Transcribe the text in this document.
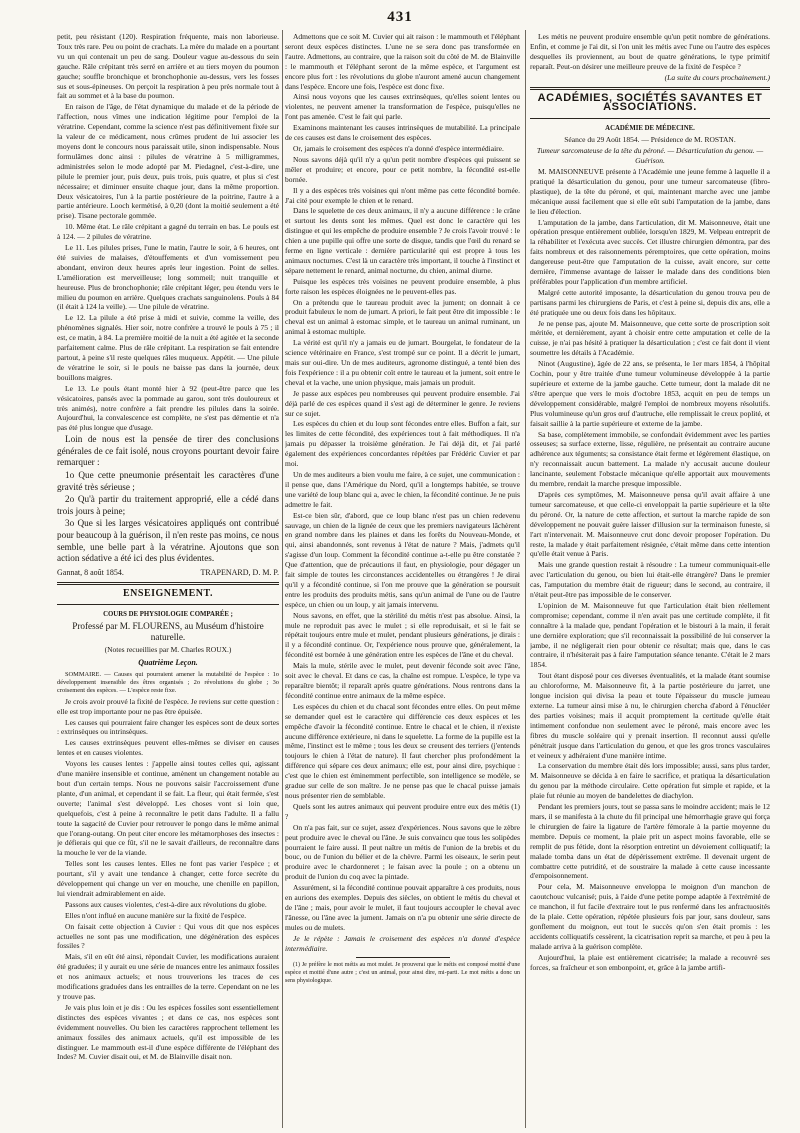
431

petit, peu résistant (120). Respiration fréquente, mais non laborieuse. Toux très rare. Peu ou point de crachats. La mère du malade en a pourtant vu un qui contenait un peu de sang. Douleur vague au-dessous du sein gauche. Râle crépitant très serré en arrière et au tiers moyen du poumon gauche; souffle bronchique et bronchophonie au-dessus, vers les fosses sus et sous-épineuses. On perçoit la respiration à peu près normale tout à fait au sommet et à la base du poumon.

En raison de l'âge, de l'état dynamique du malade et de la période de l'affection, nous vîmes une indication légitime pour l'emploi de la vératrine. Cependant, comme la science n'est pas définitivement fixée sur la valeur de ce médicament, nous crûmes prudent de lui associer les moyens dont le concours nous paraissait utile, sinon indispensable. Nous formulâmes donc ainsi : pilules de vératrine à 5 milligrammes, administrées selon le mode adopté par M. Piedagnel, c'est-à-dire, une pilule le premier jour, puis deux, puis trois, puis quatre, et plus si c'est nécessaire; et diminuer ensuite chaque jour, dans la même proportion. Deux vésicatoires, l'un à la partie postérieure de la poitrine, l'autre à a partie antérieure. Looch kermétisé, à 0,20 (dont la moitié seulement a été prise). Tisane pectorale gommée.

10. Même état. Le râle crépitant a gagné du terrain en bas. Le pouls est à 124. — 2 pilules de vératrine.

Le 11. Les pilules prises, l'une le matin, l'autre le soir, à 6 heures, ont été suivies de malaises, d'étouffements et d'un vomissement peu abondant, environ deux heures après leur ingestion. Point de selles. L'amélioration est merveilleuse; long sommeil; nuit tranquille et heureuse. Plus de bronchophonie; râle crépitant léger, peu étendu vers le milieu du poumon en arrière. Quelques crachats sanguinolens. Pouls à 84 (il était à 124 la veille). — Une pilule de vératrine.

Le 12. La pilule a été prise à midi et suivie, comme la veille, des phénomènes signalés. Hier soir, notre confrère a trouvé le pouls à 75 ; il est, ce matin, à 84. La première moitié de la nuit a été agitée et la seconde parfaitement calme. Plus de râle crépitant. La respiration se fait entendre partout, à peine s'il reste quelques râles muqueux. Appétit. — Une pilule de vératrine le soir, si le pouls ne baisse pas dans la journée, deux bouillons maigres.

Le 13. Le pouls étant monté hier à 92 (peut-être parce que les vésicatoires, pansés avec la pommade au garou, sont très douloureux et très animés), notre confrère a fait prendre les pilules dans la soirée. Aujourd'hui, la convalescence est complète, ne s'est pas démentie et n'a pas été plus longue que d'usage.

Loin de nous est la pensée de tirer des conclusions générales de ce fait isolé, nous croyons pourtant devoir faire remarquer :

1o Que cette pneumonie présentait les caractères d'une gravité très sérieuse ;

2o Qu'à partir du traitement approprié, elle a cédé dans trois jours à peine;

3o Que si les larges vésicatoires appliqués ont contribué pour beaucoup à la guérison, il n'en reste pas moins, ce nous semble, une belle part à la vératrine. Ajoutons que son action sédative a été ici des plus évidentes.

Gannat, 8 août 1854.	TRAPENARD, D. M. P.
ENSEIGNEMENT.

COURS DE PHYSIOLOGIE COMPARÉE ;

Professé par M. FLOURENS, au Muséum d'histoire naturelle.

(Notes recueillies par M. Charles ROUX.)

Quatrième Leçon.

SOMMAIRE. — Causes qui pourraient amener la mutabilité de l'espèce : 1o développement insensible des êtres organisés ; 2o révolutions du globe ; 3o croisement des espèces. — L'espèce reste fixe.

Je crois avoir prouvé la fixité de l'espèce. Je reviens sur cette question : elle est trop importante pour ne pas être épuisée.

Les causes qui pourraient faire changer les espèces sont de deux sortes : extrinsèques ou intrinsèques.

Les causes extrinsèques peuvent elles-mêmes se diviser en causes lentes et en causes violentes.

Voyons les causes lentes : j'appelle ainsi toutes celles qui, agissant d'une manière insensible et continue, amènent un changement notable au bout d'un certain temps. Nous ne pouvons saisir l'accroissement d'une plante, d'un animal, et cependant il se fait. La fleur, qui était fermée, s'est ouverte; l'animal s'est développé. Les choses vont si loin que, quelquefois, c'est à peine à reconnaître le petit dans l'adulte. Il a fallu toute la sagacité de Cuvier pour retrouver le pongo dans le même animal que l'orang-outang. On peut citer encore les métamorphoses des insectes : je défierais qui que ce fût, s'il ne le savait d'ailleurs, de reconnaître dans la mouche le ver de la viande.

Telles sont les causes lentes. Elles ne font pas varier l'espèce ; et pourtant, s'il y avait une tendance à changer, cette force secrète du développement qui change un ver en mouche, une chenille en papillon, lui viendrait admirablement en aide.

Passons aux causes violentes, c'est-à-dire aux révolutions du globe.

Elles n'ont influé en aucune manière sur la fixité de l'espèce.

On faisait cette objection à Cuvier : Qui vous dit que nos espèces actuelles ne sont pas une modification, une dégénération des espèces fossiles ?

Mais, s'il en eût été ainsi, répondait Cuvier, les modifications auraient été graduées; il y aurait eu une série de nuances entre les animaux fossiles et nos animaux actuels; et nous trouverions les traces de ces modifications graduées dans les entrailles de la terre. Cependant on ne les y trouve pas.

Je vais plus loin et je dis : Ou les espèces fossiles sont essentiellement distinctes des espèces vivantes ; et dans ce cas, nos espèces sont évidemment nouvelles. Ou bien les caractères rapprochent tellement les animaux fossiles des animaux actuels, qu'il est impossible de les distinguer. Le mammouth est-il d'une espèce différente de l'éléphant des Indes? M. Cuvier disait oui, et M. de Blainville disait non.

Admettons que ce soit M. Cuvier qui ait raison : le mammouth et l'éléphant seront deux espèces distinctes. L'une ne se sera donc pas transformée en l'autre. Admettons, au contraire, que la raison soit du côté de M. de Blainville : le mammouth et l'éléphant seront de la même espèce, et l'argument est encore plus fort : les révolutions du globe n'auront amené aucun changement dans l'espèce. Encore une fois, l'espèce est donc fixe.

Ainsi nous voyons que les causes extrinsèques, qu'elles soient lentes ou violentes, ne peuvent amener la transformation de l'espèce, puisqu'elles ne l'ont pas amenée. C'est le fait qui parle.

Examinons maintenant les causes intrinsèques de mutabilité. La principale de ces causes est dans le croisement des espèces.

Or, jamais le croisement des espèces n'a donné d'espèce intermédiaire.

Nous savons déjà qu'il n'y a qu'un petit nombre d'espèces qui puissent se mêler et produire; et encore, pour ce petit nombre, la fécondité est-elle bornée.

Il y a des espèces très voisines qui n'ont même pas cette fécondité bornée. J'ai cité pour exemple le chien et le renard.

Dans le squelette de ces deux animaux, il n'y a aucune différence : le crâne et surtout les dents sont les mêmes. Quel est donc le caractère qui les distingue et qui les empêche de produire ensemble ? Je crois l'avoir trouvé : le chien a une pupille qui offre une sorte de disque, tandis que l'œil du renard se ferme en ligne verticale : dernière particularité qui est propre à tous les animaux nocturnes. C'est là un caractère très important, il touche à l'instinct et sépare nettement le renard, animal nocturne, du chien, animal diurne.

Puisque les espèces très voisines ne peuvent produire ensemble, à plus forte raison les espèces éloignées ne le peuvent-elles pas.

On a prétendu que le taureau produit avec la jument; on donnait à ce produit fabuleux le nom de jumart. A priori, le fait peut être dit impossible : le cheval est un animal à estomac simple, et le taureau un animal ruminant, un animal à estomac multiple.

La vérité est qu'il n'y a jamais eu de jumart. Bourgelat, le fondateur de la science vétérinaire en France, s'est trompé sur ce point. Il a décrit le jumart, mais sur oui-dire. Un de mes auditeurs, agronome distingué, a tenté bien des fois l'expérience : il a pu obtenir coït entre le taureau et la jument, soit entre le cheval et la vache, une union physique, mais jamais un produit.

Je passe aux espèces peu nombreuses qui peuvent produire ensemble. J'ai déjà parlé de ces espèces quand il s'est agi de déterminer le genre. Je reviens sur ce sujet.

Les espèces du chien et du loup sont fécondes entre elles. Buffon a fait, sur les limites de cette fécondité, des expériences tout à fait méthodiques. Il n'a jamais pu dépasser la troisième génération. Je l'ai déjà dit, et j'ai parlé également des expériences concordantes répétées par Frédéric Cuvier et par moi.

Un de mes auditeurs a bien voulu me faire, à ce sujet, une communication : il pense que, dans l'Amérique du Nord, qu'il a longtemps habitée, se trouve une variété de loup blanc qui a, avec le chien, la fécondité continue. Je ne puis admettre le fait.

Est-ce bien sûr, d'abord, que ce loup blanc n'est pas un chien redevenu sauvage, un chien de la lignée de ceux que les premiers navigateurs lâchèrent en grand nombre dans les plaines et dans les forêts du Nouveau-Monde, et qui, ainsi abandonnés, sont revenus à l'état de nature ? Mais, j'admets qu'il s'agisse d'un loup. Comment la fécondité continue a-t-elle pu être constatée ? Que d'attention, que de précautions il faut, en physiologie, pour dégager un fait simple de toutes les circonstances accidentelles ou étrangères ! Je dirai qu'il y a fécondité continue, si l'on me prouve que la génération se poursuit entre les produits des produits métis, sans qu'un animal de l'une ou de l'autre espèce, un chien ou un loup, y ait jamais intervenu.

Nous savons, en effet, que la stérilité du métis n'est pas absolue. Ainsi, la mule ne reproduit pas avec le mulet ; si elle reproduisait, et si le fait se répétait toujours entre mule et mulet, pendant plusieurs générations, je dirais : il y a fécondité continue. Or, l'expérience nous prouve que, généralement, la fécondité est bornée à une génération entre les espèces de l'âne et du cheval.

Mais la mule, stérile avec le mulet, peut devenir féconde soit avec l'âne, soit avec le cheval. Et dans ce cas, la chaîne est rompue. L'espèce, le type va reparaître bientôt; il reparaît après quatre générations. Nous rentrons dans la fécondité continue entre animaux de la même espèce.

Les espèces du chien et du chacal sont fécondes entre elles. On peut même se demander quel est le caractère qui différencie ces deux espèces et les empêche d'avoir la fécondité continue. Entre le chacal et le chien, il n'existe aucune différence extérieure, ni dans le squelette. La forme de la pupille est la même, l'instinct est le même ; tous les deux se creusent des terriers (j'entends toujours le chien à l'état de nature). Il faut chercher plus profondément la différence qui sépare ces deux animaux; elle est, pour ainsi dire, psychique : c'est que le chien est éminemment perfectible, son intelligence se modèle, se gradue sur celle de son maître. Je ne pense pas que le chacal puisse jamais nous présenter rien de semblable.

Quels sont les autres animaux qui peuvent produire entre eux des métis (1) ?

On n'a pas fait, sur ce sujet, assez d'expériences. Nous savons que le zèbre peut produire avec le cheval ou l'âne. Je suis convaincu que tous les solipèdes pourraient le faire aussi. Il peut naître un métis de l'union de la brebis et du bouc, ou de l'union du bélier et de la chèvre. Parmi les oiseaux, le serin peut produire avec le chardonneret ; le faisan avec la poule ; on a obtenu un produit de l'union du coq avec la pintade.

Assurément, si la fécondité continue pouvait apparaître à ces produits, nous en aurions des exemples. Depuis des siècles, on obtient le métis du cheval et de l'âne ; mais, pour avoir le mulet, il faut toujours accoupler le cheval avec l'ânesse, ou l'âne avec la jument. Jamais on n'a pu obtenir une série directe de mules ou de mulets.

Je le répète : Jamais le croisement des espèces n'a donné d'espèce intermédiaire.

(1) Je préfère le mot métis au mot mulet. Je prouverai que le métis est composé moitié d'une espèce et moitié d'une autre ; c'est un animal, pour ainsi dire, mi-parti. Le mot métis a donc un sens physiologique.

Les métis ne peuvent produire ensemble qu'un petit nombre de générations. Enfin, et comme je l'ai dit, si l'on unit les métis avec l'une ou l'autre des espèces desquelles ils proviennent, au bout de quatre générations, le type primitif reparaît. Peut-on désirer une meilleure preuve de la fixité de l'espèce ?

(La suite du cours prochainement.)

ACADÉMIES, SOCIÉTÉS SAVANTES ET ASSOCIATIONS.

ACADÉMIE DE MÉDECINE.

Séance du 29 Août 1854. — Présidence de M. ROSTAN.

Tumeur sarcomateuse de la tête du péroné. — Désarticulation du genou. — Guérison.

M. MAISONNEUVE présente à l'Académie une jeune femme à laquelle il a pratiqué la désarticulation du genou, pour une tumeur sarcomateuse (fibro-plastique), de la tête du péroné, et qui, maintenant marche avec une jambe mécanique aussi facilement que si elle eût subi l'amputation de la jambe, dans le lieu d'élection.

L'amputation de la jambe, dans l'articulation, dit M. Maisonneuve, était une opération presque entièrement oubliée, lorsqu'en 1829, M. Velpeau entreprit de la réhabiliter et l'exécuta avec succès. Cet illustre chirurgien démontra, par des faits nombreux et des raisonnements péremptoires, que cette opération, moins dangereuse peut-être que l'amputation de la cuisse, avait encore, sur cette dernière, l'immense avantage de laisser le malade dans des conditions bien préférables pour l'application d'un membre artificiel.

Malgré cette autorité imposante, la désarticulation du genou trouva peu de partisans parmi les chirurgiens de Paris, et c'est à peine si, depuis dix ans, elle a été pratiquée une ou deux fois dans les hôpitaux.

Je ne pense pas, ajoute M. Maisonneuve, que cette sorte de proscription soit méritée, et dernièrement, ayant à choisir entre cette amputation et celle de la cuisse, je n'ai pas hésité à pratiquer la désarticulation ; c'est ce fait dont il vient soumettre les détails à l'Académie.

Ninot (Augustine), âgée de 22 ans, se présenta, le 1er mars 1854, à l'hôpital Cochin, pour y être traitée d'une tumeur volumineuse développée à la partie supérieure et externe de la jambe gauche. Cette tumeur, dont la malade dit ne s'être aperçue que vers le mois d'octobre 1853, acquit en peu de temps un développement considérable, malgré l'emploi de nombreux moyens résolutifs. Plus volumineuse qu'un gros œuf d'autruche, elle remplissait le creux poplité, et faisait saillie à la partie supérieure et externe de la jambe.

Sa base, complètement immobile, se confondait évidemment avec les parties osseuses; sa surface externe, lisse, régulière, ne présentait au contraire aucune adhérence aux téguments; sa consistance était ferme et légèrement élastique, on n'y reconnaissait aucun battement. La malade n'y accusait aucune douleur lancinante, seulement l'obstacle mécanique qu'elle apportait aux mouvements du membre, rendait la marche presque impossible.

D'après ces symptômes, M. Maisonneuve pensa qu'il avait affaire à une tumeur sarcomateuse, et que celle-ci enveloppait la partie supérieure et la tête du péroné. Or, la nature de cette affection, et surtout la marche rapide de son développement ne pouvait guère laisser d'illusion sur la terminaison funeste, si l'art n'intervenait. M. Maisonneuve crut donc devoir proposer l'opération. Du reste, la malade y était parfaitement résignée, c'était même dans cette intention qu'elle était venue à Paris.

Mais une grande question restait à résoudre : La tumeur communiquait-elle avec l'articulation du genou, ou bien lui était-elle étrangère? Dans le premier cas, l'amputation du membre était de rigueur; dans le second, au contraire, il n'était peut-être pas impossible de le conserver.

L'opinion de M. Maisonneuve fut que l'articulation était bien réellement compromise; cependant, comme il n'en avait pas une certitude complète, il fit connaître à la malade que, pendant l'opération et le bistouri à la main, il ferait une dernière exploration; que s'il reconnaissait la possibilité de lui conserver la jambe, il ne négligerait rien pour obtenir ce résultat; mais que, dans le cas contraire, il n'hésiterait pas à faire l'amputation séance tenante. C'était le 2 mars 1854.

Tout étant disposé pour ces diverses éventualités, et la malade étant soumise au chloroforme, M. Maisonneuve fit, à la partie postérieure du jarret, une longue incision qui divisa la peau et toute l'épaisseur du muscle jumeau externe. La tumeur ainsi mise à nu, le chirurgien chercha d'abord à l'énucléer des parties voisines; mais il acquit promptement la certitude qu'elle était intimement confondue non seulement avec le péroné, mais encore avec les fibres du muscle soléaire qui y prenait insertion. Il reconnut aussi qu'elle pénétrait jusque dans l'articulation du genou, et que les gros troncs vasculaires et veineux y adhéraient d'une manière intime.

La conservation du membre était dès lors impossible; aussi, sans plus tarder, M. Maisonneuve se décida à en faire le sacrifice, et pratiqua la désarticulation du genou par la méthode circulaire. Cette opération fut simple et rapide, et la plaie fut réunie au moyen de bandelettes de diachylon.

Pendant les premiers jours, tout se passa sans le moindre accident; mais le 12 mars, il se manifesta à la chute du fil principal une hémorrhagie grave qui força le chirurgien de faire la ligature de l'artère fémorale à la partie moyenne du membre. Depuis ce moment, la plaie prit un aspect moins favorable, elle se remplit de pus fétide, dont la résorption entretint un dévoiement colliquatif; la malade tomba dans un état de dépérissement extrême. Il devenait urgent de combattre cette putridité, et de soustraire la malade à cette cause incessante d'empoisonnement.

Pour cela, M. Maisonneuve enveloppa le moignon d'un manchon de caoutchouc vulcanisé; puis, à l'aide d'une petite pompe adaptée à l'extrémité de ce manchon, il fut facile d'extraire tout le pus renfermé dans les anfractuosités de la plaie. Cette opération, répétée plusieurs fois par jour, sans douleur, sans gonflement du moignon, eut tout le succès qu'on s'en était promis : les accidents colliquatifs cessèrent, la cicatrisation reprit sa marche, et peu à peu la malade arriva à la guérison complète.

Aujourd'hui, la plaie est entièrement cicatrisée; la malade a recouvré ses forces, sa fraîcheur et son embonpoint, et, grâce à la jambe artifi-
